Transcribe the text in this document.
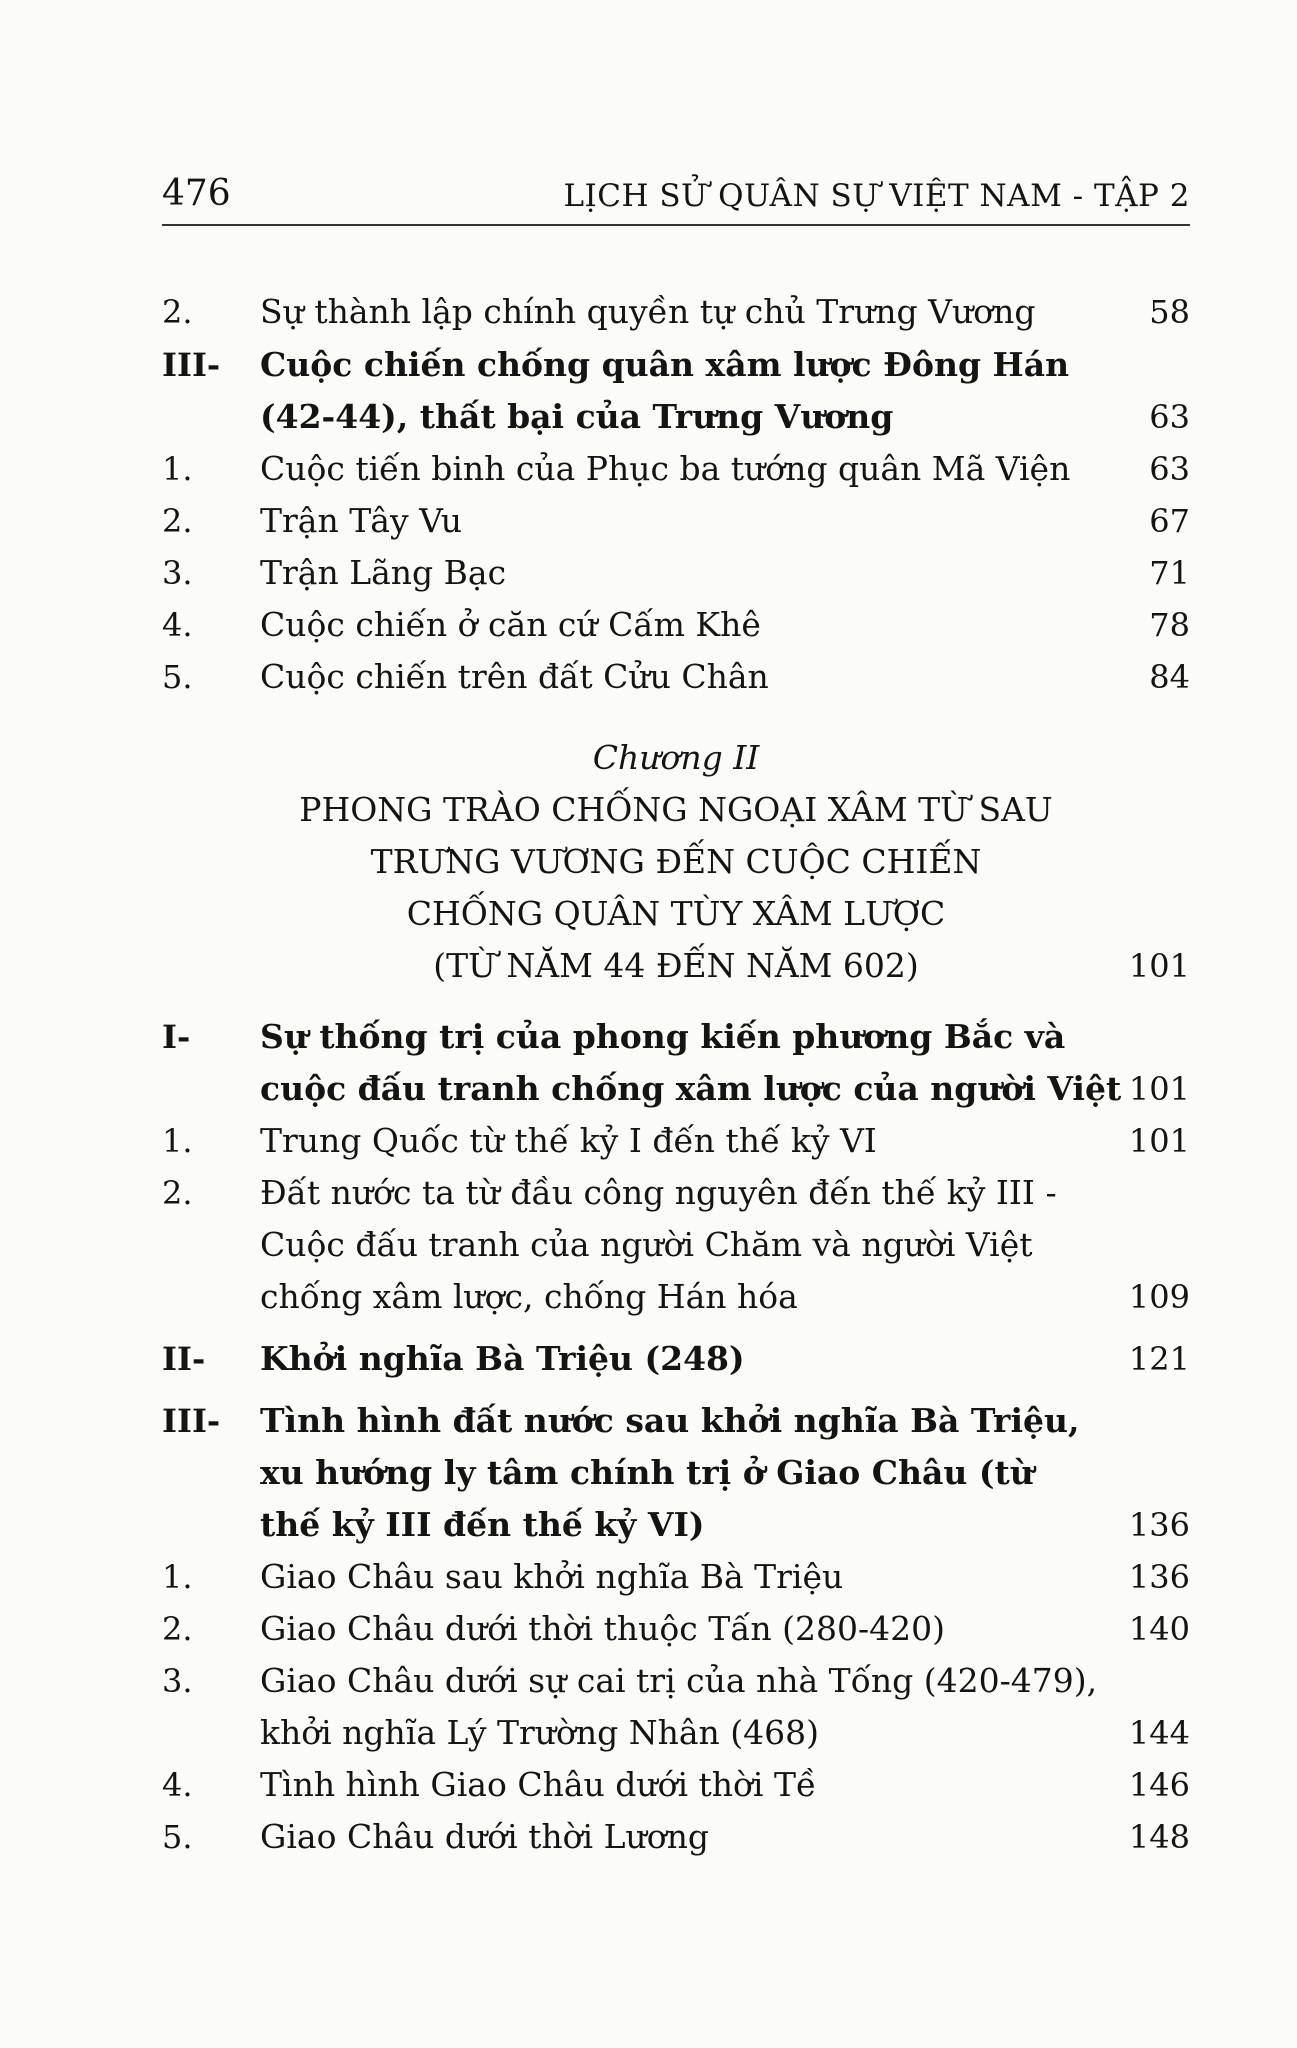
476	LỊCH SỬ QUÂN SỰ VIỆT NAM - TẬP 2
2. Sự thành lập chính quyền tự chủ Trưng Vương	58
III- Cuộc chiến chống quân xâm lược Đông Hán
(42-44), thất bại của Trưng Vương	63
1. Cuộc tiến binh của Phục ba tướng quân Mã Viện 63
2. Trận Tây Vu	67
3. Trận Lãng Bạc	71
4. Cuộc chiến ở căn cứ Cấm Khê	78
5. Cuộc chiến trên đất Cửu Chân	84
Chương II
PHONG TRÀO CHỐNG NGOẠI XÂM TỪ SAU
TRƯNG VƯƠNG ĐẾN CUỘC CHIẾN
CHỐNG QUÂN TÙY XÂM LƯỢC
(TỪ NĂM 44 ĐẾN NĂM 602)	101
I- Sự thống trị của phong kiến phương Bắc và
cuộc đấu tranh chống xâm lược của người Việt 101
1. Trung Quốc từ thế kỷ I đến thế kỷ VI	101
2. Đất nước ta từ đầu công nguyên đến thế kỷ III -
Cuộc đấu tranh của người Chăm và người Việt
chống xâm lược, chống Hán hóa	109
II- Khởi nghĩa Bà Triệu (248)	121
III- Tình hình đất nước sau khởi nghĩa Bà Triệu,
xu hướng ly tâm chính trị ở Giao Châu (từ
thế kỷ III đến thế kỷ VI)	136
1. Giao Châu sau khởi nghĩa Bà Triệu	136
2. Giao Châu dưới thời thuộc Tấn (280-420)	140
3. Giao Châu dưới sự cai trị của nhà Tống (420-479),
khởi nghĩa Lý Trường Nhân (468)	144
4. Tình hình Giao Châu dưới thời Tề	146
5. Giao Châu dưới thời Lương	148
